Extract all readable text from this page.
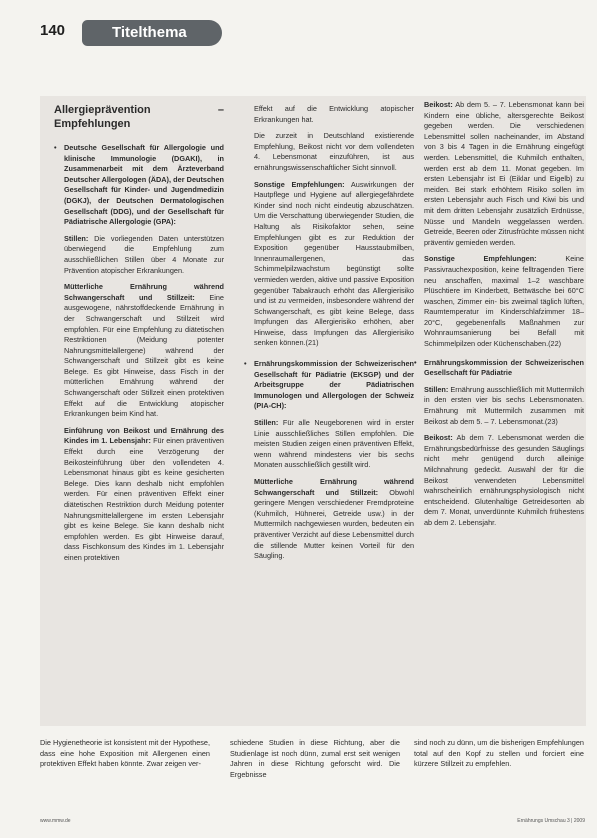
140	Titelthema
Allergieprävention – Empfehlungen
•	Deutsche Gesellschaft für Allergologie und klinische Immunologie (DGAKI), in Zusammenarbeit mit dem Ärzteverband Deutscher Allergologen (ÄDA), der Deutschen Gesellschaft für Kinder- und Jugendmedizin (DGKJ), der Deutschen Dermatologischen Gesellschaft (DDG), und der Gesellschaft für Pädiatrische Allergologie (GPA):

Stillen: Die vorliegenden Daten unterstützen überwiegend die Empfehlung zum ausschließlichen Stillen über 4 Monate zur Prävention atopischer Erkrankungen.

Mütterliche Ernährung während Schwangerschaft und Stillzeit: Eine ausgewogene, nährstoffdeckende Ernährung in der Schwangerschaft und Stillzeit wird empfohlen. Für eine Empfehlung zu diätetischen Restriktionen (Meidung potenter Nahrungsmittelallergene) während der Schwangerschaft und Stillzeit gibt es keine Belege. Es gibt Hinweise, dass Fisch in der mütterlichen Ernährung während der Schwangerschaft oder Stillzeit einen protektiven Effekt auf die Entwicklung atopischer Erkrankungen beim Kind hat.

Einführung von Beikost und Ernährung des Kindes im 1. Lebensjahr: Für einen präventiven Effekt durch eine Verzögerung der Beikosteinführung über den vollendeten 4. Lebensmonat hinaus gibt es keine gesicherten Belege. Dies kann deshalb nicht empfohlen werden. Für einen präventiven Effekt einer diätetischen Restriktion durch Meidung potenter Nahrungsmittelallergene im ersten Lebensjahr gibt es keine Belege. Sie kann deshalb nicht empfohlen werden. Es gibt Hinweise darauf, dass Fischkonsum des Kindes im 1. Lebensjahr einen protektiven

Effekt auf die Entwicklung atopischer Erkrankungen hat.

Die zurzeit in Deutschland existierende Empfehlung, Beikost nicht vor dem vollendeten 4. Lebensmonat einzuführen, ist aus ernährungswissenschaftlicher Sicht sinnvoll.

Sonstige Empfehlungen: Auswirkungen der Hautpflege und Hygiene auf allergiegefährdete Kinder sind noch nicht eindeutig abzuschätzen. Um die Verschattung überwiegender Studien, die Haltung als Risikofaktor sehen, seine Empfehlungen gibt es zur Reduktion der Exposition gegenüber Hausstaubmilben, Innenraumallergenen, das Schimmelpilzwachstum begünstigt sollte vermieden werden, aktive und passive Exposition gegenüber Tabakrauch erhöht das Allergierisiko und ist zu vermeiden, insbesondere während der Schwangerschaft, es gibt keine Belege, dass Impfungen das Allergierisiko erhöhen, aber Hinweise, dass Impfungen das Allergierisiko senken können.(21)

•	Ernährungskommission der Schweizerischen Gesellschaft für Pädiatrie (EKSGP) und der Arbeitsgruppe der Pädiatrischen Immunologen und Allergologen der Schweiz (PIA-CH):

Stillen: Für alle Neugeborenen wird in erster Linie ausschließliches Stillen empfohlen. Die meisten Studien zeigen einen präventiven Effekt, wenn während mindestens vier bis sechs Monaten ausschließlich gestillt wird.

Mütterliche Ernährung während Schwangerschaft und Stillzeit: Obwohl geringere Mengen verschiedener Fremdproteine (Kuhmilch, Hühnerei, Getreide usw.) in der Muttermilch nachgewiesen wurden, bedeuten ein präventiver Verzicht auf diese Lebensmittel durch die stillende Mutter keinen Vorteil für den Säugling.

Beikost: Ab dem 5. – 7. Lebensmonat kann bei Kindern eine übliche, altersgerechte Beikost gegeben werden. Die verschiedenen Lebensmittel sollen nacheinander, im Abstand von 3 bis 4 Tagen in die Ernährung eingefügt werden. Lebensmittel, die Kuhmilch enthalten, werden erst ab dem 11. Monat gegeben. Im ersten Lebensjahr ist Ei (Eiklar und Eigelb) zu meiden. Bei stark erhöhtem Risiko sollen im ersten Lebensjahr auch Fisch und Kiwi bis und mit dem dritten Lebensjahr zusätzlich Erdnüsse, Nüsse und Mandeln weggelassen werden. Getreide, Beeren oder Zitrusfrüchte müssen nicht präventiv gemieden werden.

Sonstige Empfehlungen:	Keine Passivrauchexposition, keine felltragenden Tiere neu anschaffen, maximal 1–2 waschbare Plüschtiere im Kinderbett, Bettwäsche bei 60°C waschen, Zimmer ein- bis zweimal täglich lüften, Raumtemperatur im Kinderschlafzimmer 18–20°C, gegebenenfalls Maßnahmen zur Wohnraumsanierung bei Befall mit Schimmelpilzen oder Küchenschaben.(22)

•	Ernährungskommission der Schweizerischen Gesellschaft für Pädiatrie

Stillen: Ernährung ausschließlich mit Muttermilch in den ersten vier bis sechs Lebensmonaten. Ernährung mit Muttermilch zusammen mit Beikost ab dem 5. – 7. Lebensmonat.(23)

Beikost: Ab dem 7. Lebensmonat werden die Ernährungsbedürfnisse des gesunden Säuglings nicht mehr genügend durch alleinige Milchnahrung gedeckt. Auswahl der für die Beikost verwendeten Lebensmittel wahrscheinlich ernährungsphysiologisch nicht entscheidend. Glutenhaltige Getreidesorten ab dem 7. Monat, unverdünnte Kuhmilch frühestens ab dem 2. Lebensjahr.

Die Hygienetheorie ist konsistent mit der Hypothese, dass eine hohe Exposition mit Allergenen einen protektiven Effekt haben könnte. Zwar zeigen ver-
schiedene Studien in diese Richtung, aber die Studienlage ist noch dünn, zumal erst seit wenigen Jahren in diese Richtung geforscht wird. Die Ergebnisse
sind noch zu dünn, um die bisherigen Empfehlungen total auf den Kopf zu stellen und forciert eine kürzere Stillzeit zu empfehlen.
www.mmw.de	Ernährungs Umschau 3 | 2009
